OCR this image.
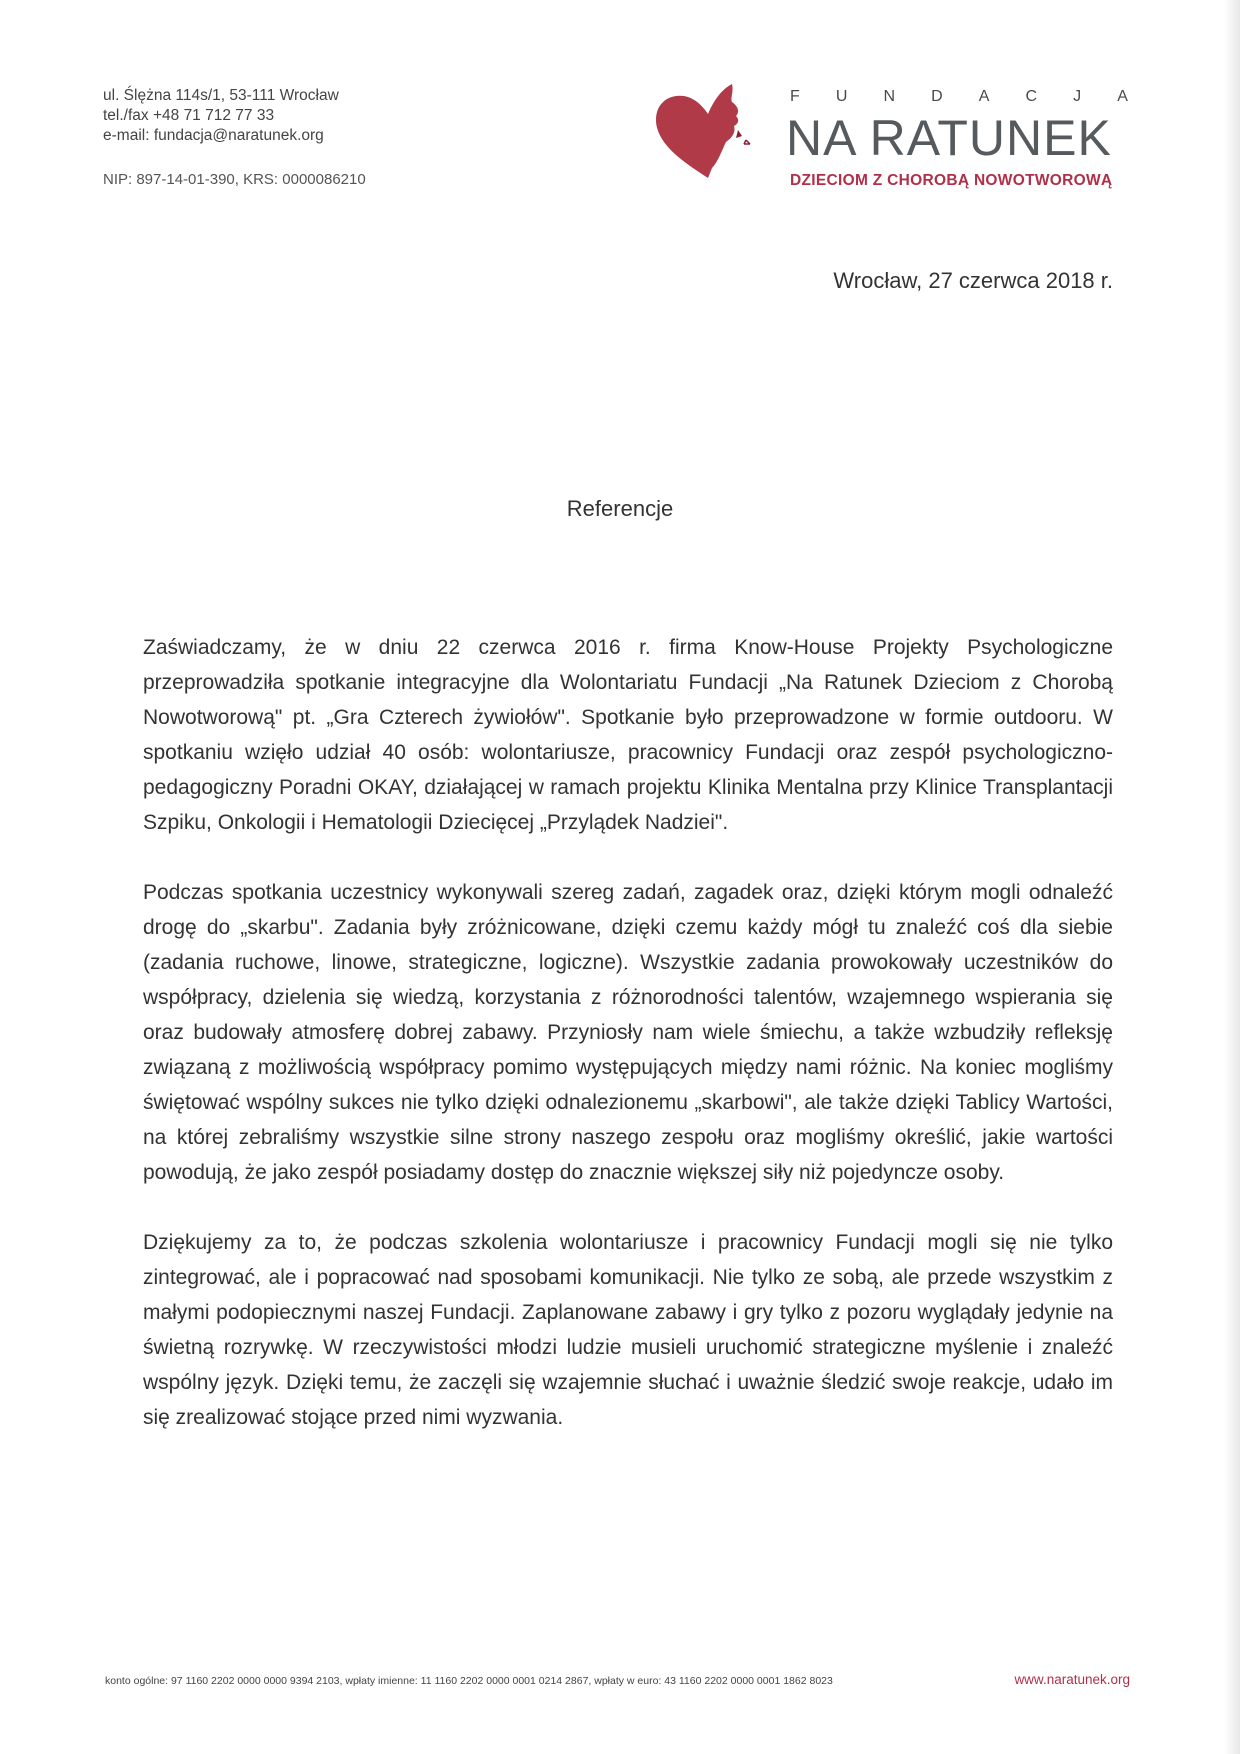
ul. Ślężna 114s/1, 53-111 Wrocław
tel./fax +48 71 712 77 33
e-mail: fundacja@naratunek.org
NIP: 897-14-01-390, KRS: 0000086210
F U N D A C J A
NA RATUNEK
DZIECIOM Z CHOROBĄ NOWOTWOROWĄ
Wrocław, 27 czerwca 2018 r.
Referencje

Zaświadczamy, że w dniu 22 czerwca 2016 r. firma Know-House Projekty Psychologiczne przeprowadziła spotkanie integracyjne dla Wolontariatu Fundacji „Na Ratunek Dzieciom z Chorobą Nowotworową" pt. „Gra Czterech żywiołów". Spotkanie było przeprowadzone w formie outdooru. W spotkaniu wzięło udział 40 osób: wolontariusze, pracownicy Fundacji oraz zespół psychologiczno-pedagogiczny Poradni OKAY, działającej w ramach projektu Klinika Mentalna przy Klinice Transplantacji Szpiku, Onkologii i Hematologii Dziecięcej „Przylądek Nadziei".

Podczas spotkania uczestnicy wykonywali szereg zadań, zagadek oraz, dzięki którym mogli odnaleźć drogę do „skarbu". Zadania były zróżnicowane, dzięki czemu każdy mógł tu znaleźć coś dla siebie (zadania ruchowe, linowe, strategiczne, logiczne). Wszystkie zadania prowokowały uczestników do współpracy, dzielenia się wiedzą, korzystania z różnorodności talentów, wzajemnego wspierania się oraz budowały atmosferę dobrej zabawy. Przyniosły nam wiele śmiechu, a także wzbudziły refleksję związaną z możliwością współpracy pomimo występujących między nami różnic. Na koniec mogliśmy świętować wspólny sukces nie tylko dzięki odnalezionemu „skarbowi", ale także dzięki Tablicy Wartości, na której zebraliśmy wszystkie silne strony naszego zespołu oraz mogliśmy określić, jakie wartości powodują, że jako zespół posiadamy dostęp do znacznie większej siły niż pojedyncze osoby.

Dziękujemy za to, że podczas szkolenia wolontariusze i pracownicy Fundacji mogli się nie tylko zintegrować, ale i popracować nad sposobami komunikacji. Nie tylko ze sobą, ale przede wszystkim z małymi podopiecznymi naszej Fundacji. Zaplanowane zabawy i gry tylko z pozoru wyglądały jedynie na świetną rozrywkę. W rzeczywistości młodzi ludzie musieli uruchomić strategiczne myślenie i znaleźć wspólny język. Dzięki temu, że zaczęli się wzajemnie słuchać i uważnie śledzić swoje reakcje, udało im się zrealizować stojące przed nimi wyzwania.

konto ogólne: 97 1160 2202 0000 0000 9394 2103, wpłaty imienne: 11 1160 2202 0000 0001 0214 2867, wpłaty w euro: 43 1160 2202 0000 0001 1862 8023	www.naratunek.org
